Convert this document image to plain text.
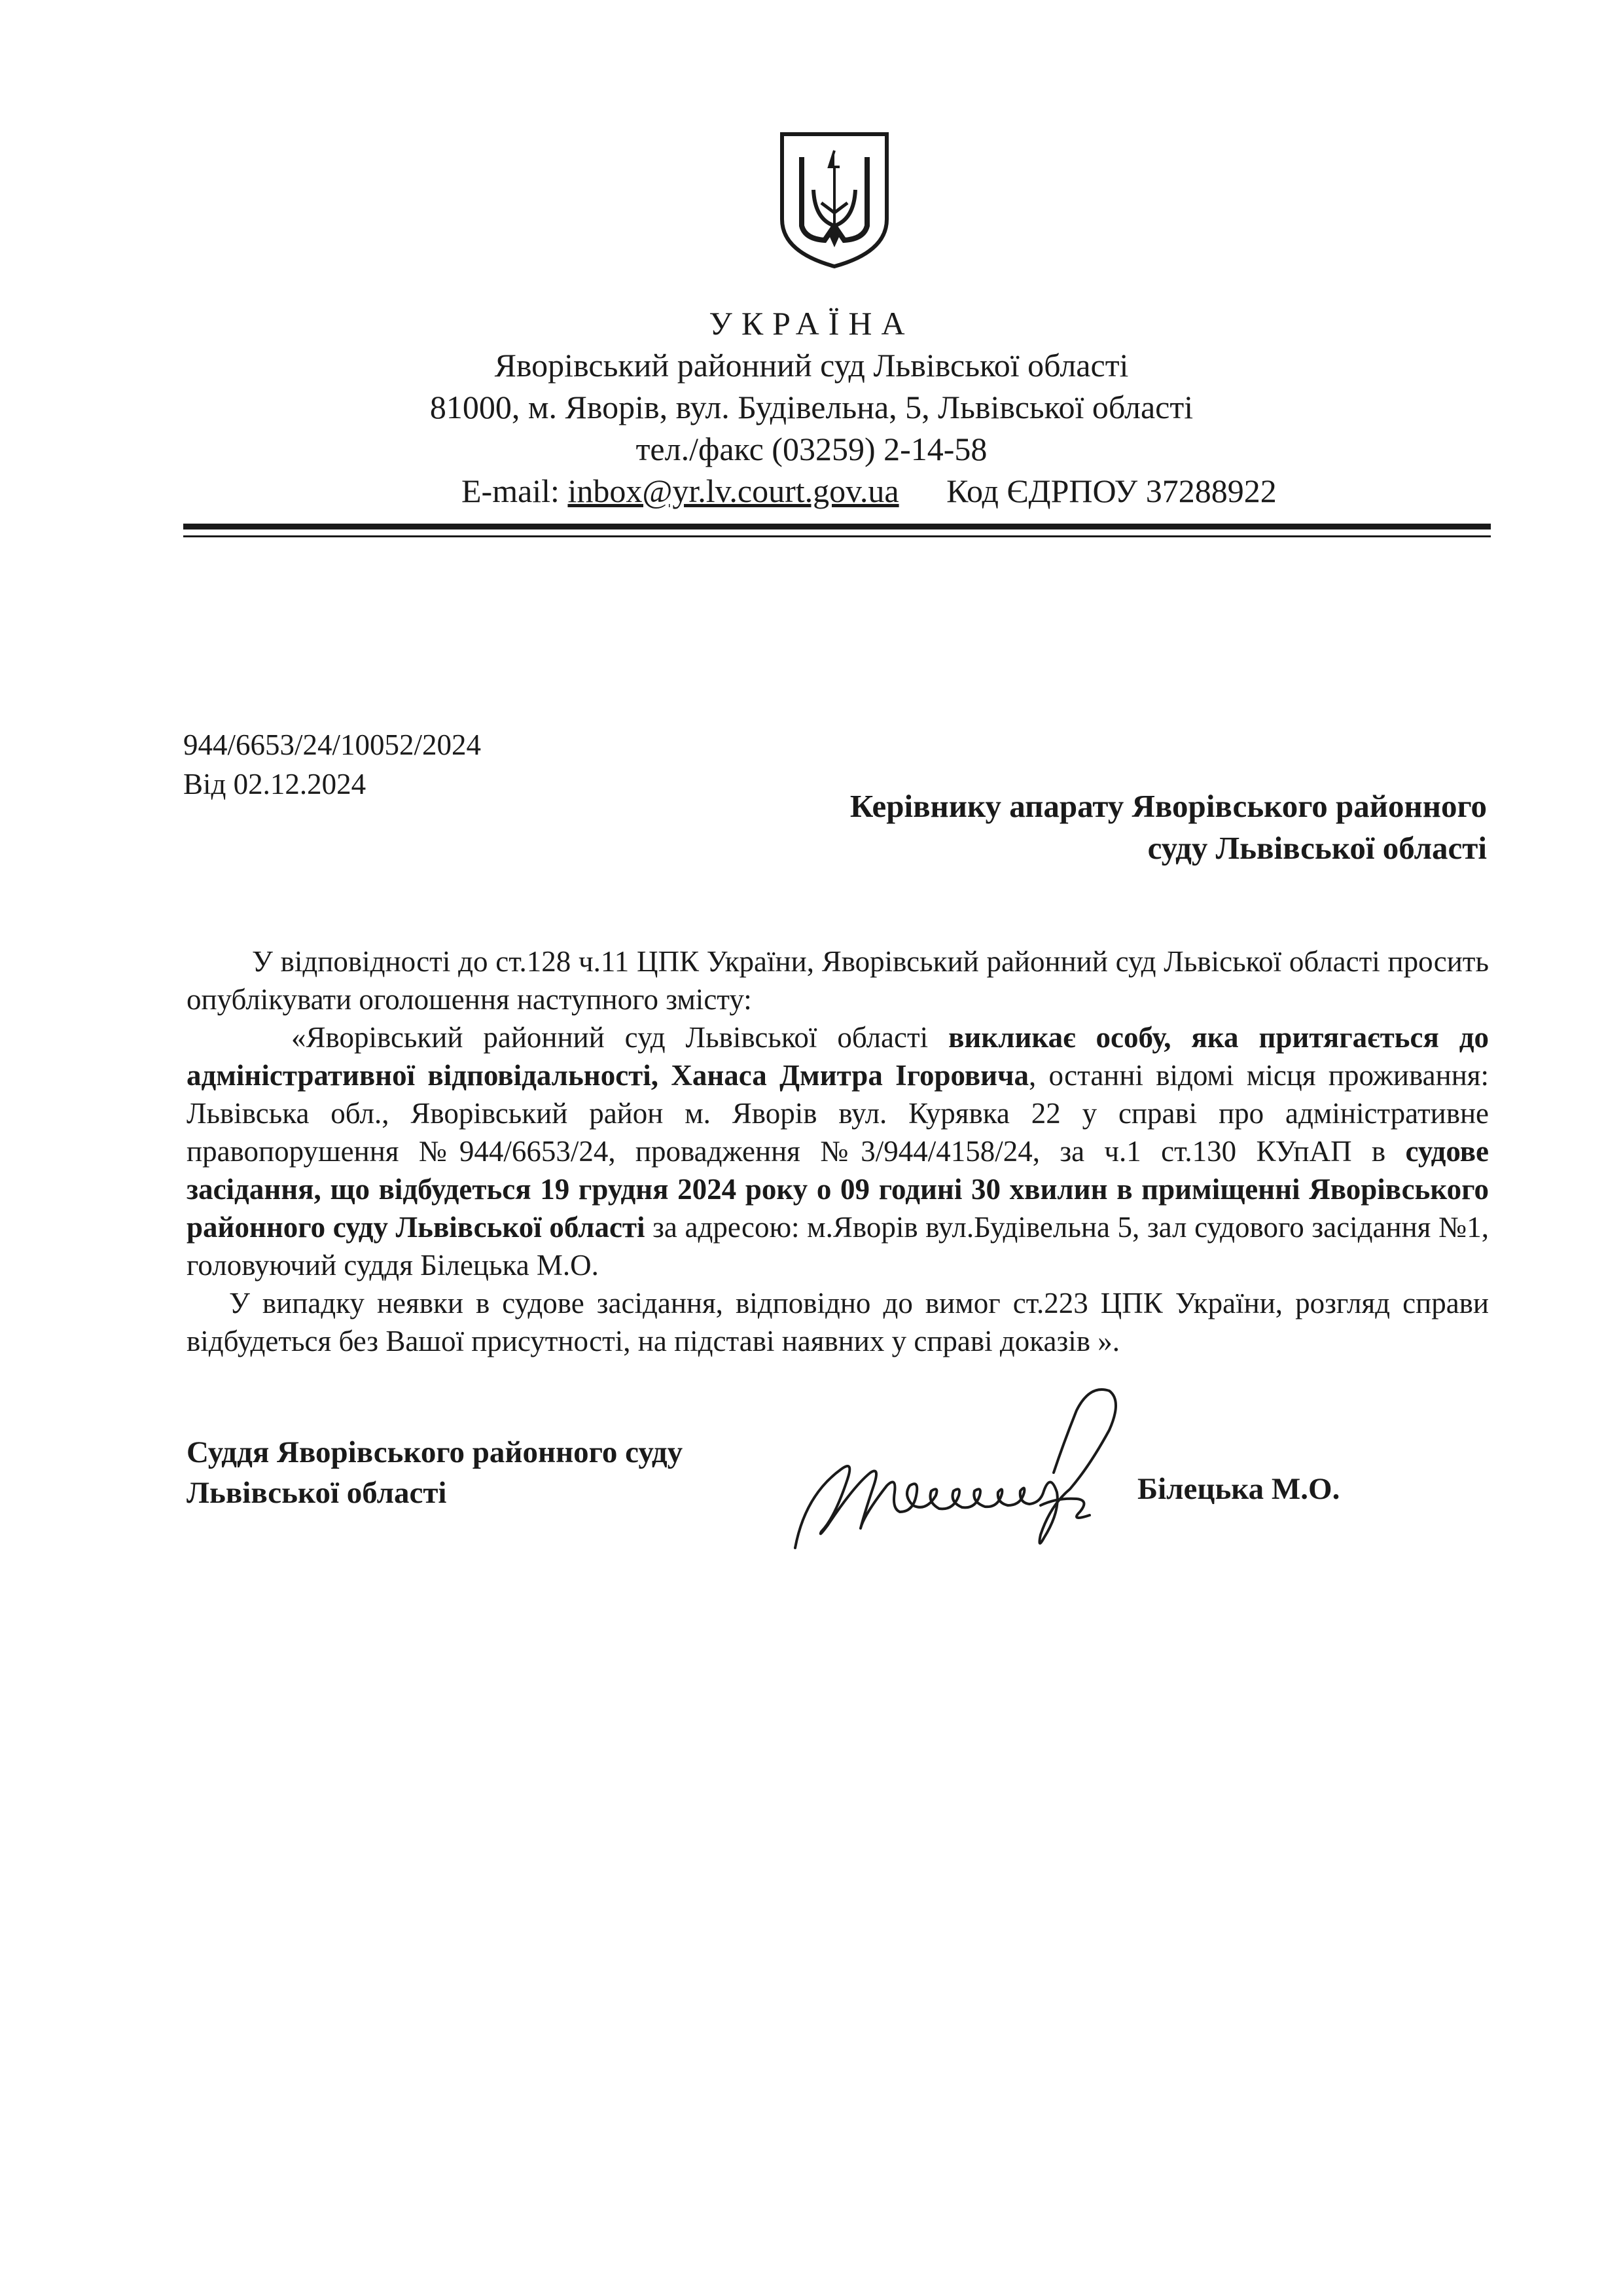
УКРАЇНА
Яворівський районний суд Львівської області
81000, м. Яворів, вул. Будівельна, 5, Львівської області
тел./факс (03259) 2-14-58
E-mail: inbox@yr.lv.court.gov.ua Код ЄДРПОУ 37288922
944/6653/24/10052/2024
Від 02.12.2024
Керівнику апарату Яворівського районного
суду Львівської області

У відповідності до ст.128 ч.11 ЦПК України, Яворівський районний суд Львіської області просить опублікувати оголошення наступного змісту:

«Яворівський районний суд Львівської області викликає особу, яка притягається до адміністративної відповідальності, Ханаса Дмитра Ігоровича, останні відомі місця проживання: Львівська обл., Яворівський район м. Яворів вул. Курявка 22 у справі про адміністративне правопорушення №944/6653/24, провадження №3/944/4158/24, за ч.1 ст.130 КУпАП в судове засідання, що відбудеться 19 грудня 2024 року о 09 годині 30 хвилин в приміщенні Яворівського районного суду Львівської області за адресою: м.Яворів вул.Будівельна 5, зал судового засідання №1, головуючий суддя Білецька М.О.

У випадку неявки в судове засідання, відповідно до вимог ст.223 ЦПК України, розгляд справи відбудеться без Вашої присутності, на підставі наявних у справі доказів ».

Суддя Яворівського районного суду
Львівської області	Білецька М.О.
